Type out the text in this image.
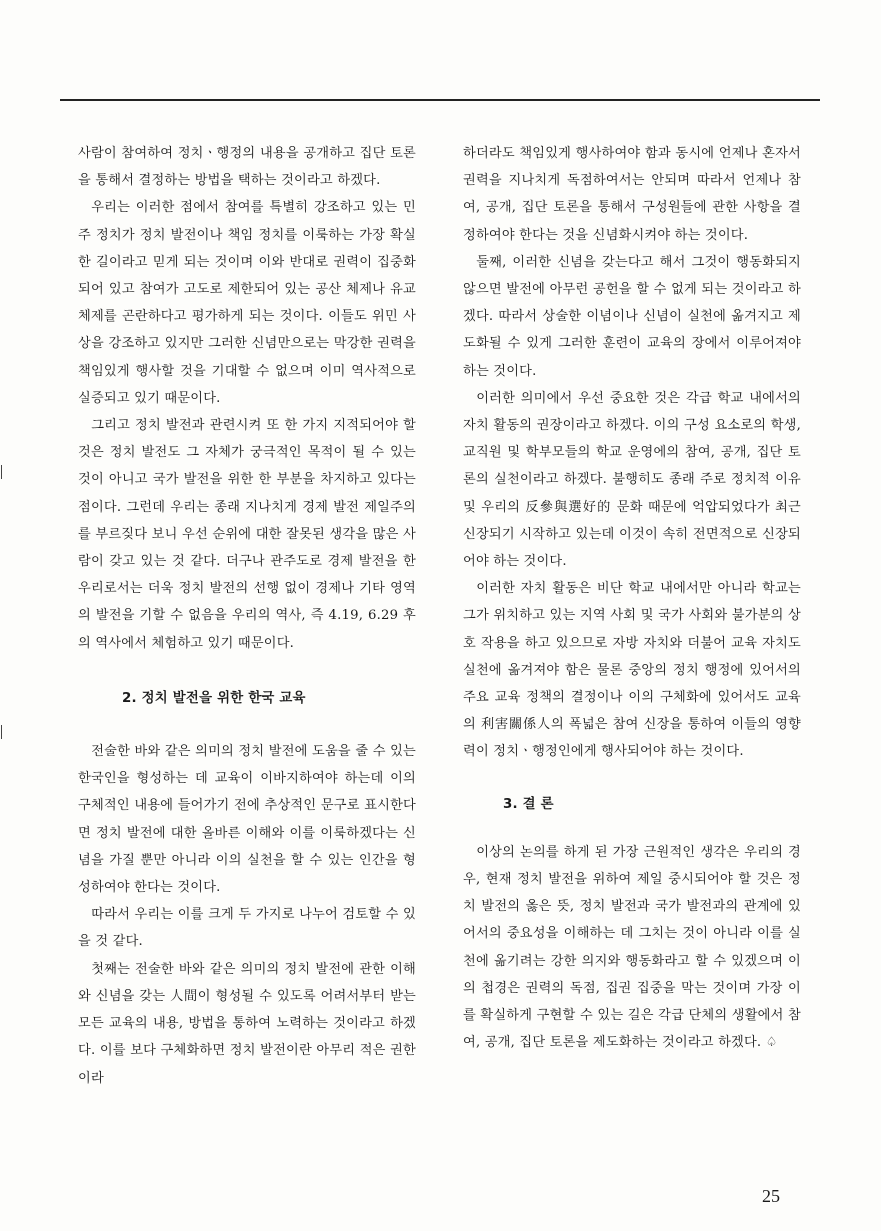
사람이 참여하여 정치ㆍ행정의 내용을 공개하고 집단 토론을 통해서 결정하는 방법을 택하는 것이라고 하겠다.

우리는 이러한 점에서 참여를 특별히 강조하고 있는 민주 정치가 정치 발전이나 책임 정치를 이룩하는 가장 확실한 길이라고 믿게 되는 것이며 이와 반대로 권력이 집중화되어 있고 참여가 고도로 제한되어 있는 공산 체제나 유교 체제를 곤란하다고 평가하게 되는 것이다. 이들도 위민 사상을 강조하고 있지만 그러한 신념만으로는 막강한 권력을 책임있게 행사할 것을 기대할 수 없으며 이미 역사적으로 실증되고 있기 때문이다.

그리고 정치 발전과 관련시켜 또 한 가지 지적되어야 할 것은 정치 발전도 그 자체가 궁극적인 목적이 될 수 있는 것이 아니고 국가 발전을 위한 한 부분을 차지하고 있다는 점이다. 그런데 우리는 종래 지나치게 경제 발전 제일주의를 부르짖다 보니 우선 순위에 대한 잘못된 생각을 많은 사람이 갖고 있는 것 같다. 더구나 관주도로 경제 발전을 한 우리로서는 더욱 정치 발전의 선행 없이 경제나 기타 영역의 발전을 기할 수 없음을 우리의 역사, 즉 4.19, 6.29 후의 역사에서 체험하고 있기 때문이다.

2. 정치 발전을 위한 한국 교육

전술한 바와 같은 의미의 정치 발전에 도움을 줄 수 있는 한국인을 형성하는 데 교육이 이바지하여야 하는데 이의 구체적인 내용에 들어가기 전에 추상적인 문구로 표시한다면 정치 발전에 대한 올바른 이해와 이를 이룩하겠다는 신념을 가질 뿐만 아니라 이의 실천을 할 수 있는 인간을 형성하여야 한다는 것이다.

따라서 우리는 이를 크게 두 가지로 나누어 검토할 수 있을 것 같다.

첫째는 전술한 바와 같은 의미의 정치 발전에 관한 이해와 신념을 갖는 人間이 형성될 수 있도록 어려서부터 받는 모든 교육의 내용, 방법을 통하여 노력하는 것이라고 하겠다. 이를 보다 구체화하면 정치 발전이란 아무리 적은 권한이라

하더라도 책임있게 행사하여야 함과 동시에 언제나 혼자서 권력을 지나치게 독점하여서는 안되며 따라서 언제나 참여, 공개, 집단 토론을 통해서 구성원들에 관한 사항을 결정하여야 한다는 것을 신념화시켜야 하는 것이다.

둘째, 이러한 신념을 갖는다고 해서 그것이 행동화되지 않으면 발전에 아무런 공헌을 할 수 없게 되는 것이라고 하겠다. 따라서 상술한 이념이나 신념이 실천에 옮겨지고 제도화될 수 있게 그러한 훈련이 교육의 장에서 이루어져야 하는 것이다.

이러한 의미에서 우선 중요한 것은 각급 학교 내에서의 자치 활동의 권장이라고 하겠다. 이의 구성 요소로의 학생, 교직원 및 학부모들의 학교 운영에의 참여, 공개, 집단 토론의 실천이라고 하겠다. 불행히도 종래 주로 정치적 이유 및 우리의 反參與選好的 문화 때문에 억압되었다가 최근 신장되기 시작하고 있는데 이것이 속히 전면적으로 신장되어야 하는 것이다.

이러한 자치 활동은 비단 학교 내에서만 아니라 학교는 그가 위치하고 있는 지역 사회 및 국가 사회와 불가분의 상호 작용을 하고 있으므로 자방 자치와 더불어 교육 자치도 실천에 옮겨져야 함은 물론 중앙의 정치 행정에 있어서의 주요 교육 정책의 결정이나 이의 구체화에 있어서도 교육의 利害關係人의 폭넓은 참여 신장을 통하여 이들의 영향력이 정치ㆍ행정인에게 행사되어야 하는 것이다.

3. 결 론

이상의 논의를 하게 된 가장 근원적인 생각은 우리의 경우, 현재 정치 발전을 위하여 제일 중시되어야 할 것은 정치 발전의 옳은 뜻, 정치 발전과 국가 발전과의 관계에 있어서의 중요성을 이해하는 데 그치는 것이 아니라 이를 실천에 옮기려는 강한 의지와 행동화라고 할 수 있겠으며 이의 첩경은 권력의 독점, 집권 집중을 막는 것이며 가장 이를 확실하게 구현할 수 있는 길은 각급 단체의 생활에서 참여, 공개, 집단 토론을 제도화하는 것이라고 하겠다. ♤

25
